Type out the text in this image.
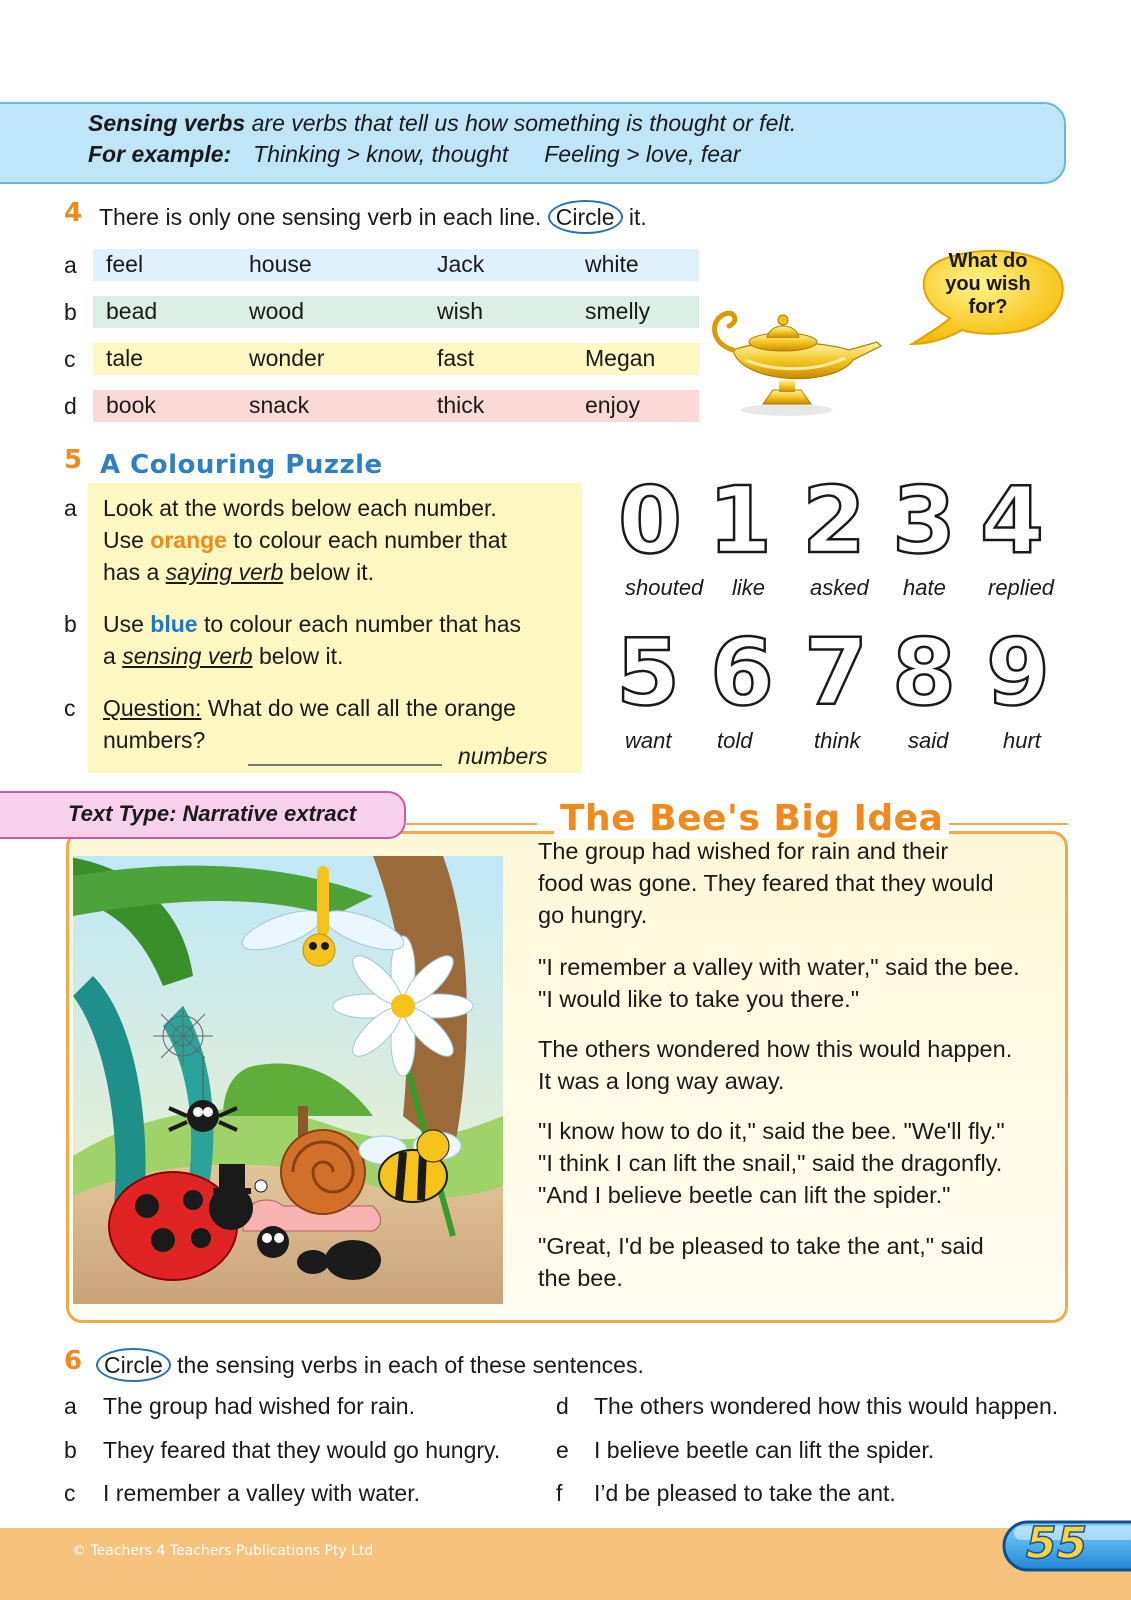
Sensing verbs are verbs that tell us how something is thought or felt.
For example: Thinking > know, thought Feeling > love, fear
4 There is only one sensing verb in each line. Circle it.
a feel	house	Jack	white
b bead	wood	wish	smelly
c tale	wonder	fast	Megan
d book	snack	thick	enjoy
What do
you wish
for?
5 A Colouring Puzzle
a Look at the words below each number.
Use orange to colour each number that
has a saying verb below it.
b Use blue to colour each number that has
a sensing verb below it.
c Question: What do we call all the orange
numbers?
numbers
0 1 2 3 4
shouted like asked hate replied
5 6 7 8 9
want told	think said hurt
Text Type: Narrative extract	The Bee's Big Idea
The group had wished for rain and their
food was gone. They feared that they would
go hungry.
"I remember a valley with water," said the bee.
"I would like to take you there."
The others wondered how this would happen.
It was a long way away.
"I know how to do it," said the bee. "We'll fly."
"I think I can lift the snail," said the dragonfly.
"And I believe beetle can lift the spider."
"Great, I'd be pleased to take the ant," said
the bee.
6 Circle the sensing verbs in each of these sentences.
a The group had wished for rain.
b They feared that they would go hungry.
c I remember a valley with water.
d The others wondered how this would happen.
e I believe beetle can lift the spider.
f I’d be pleased to take the ant.
© Teachers 4 Teachers Publications Pty Ltd	55
